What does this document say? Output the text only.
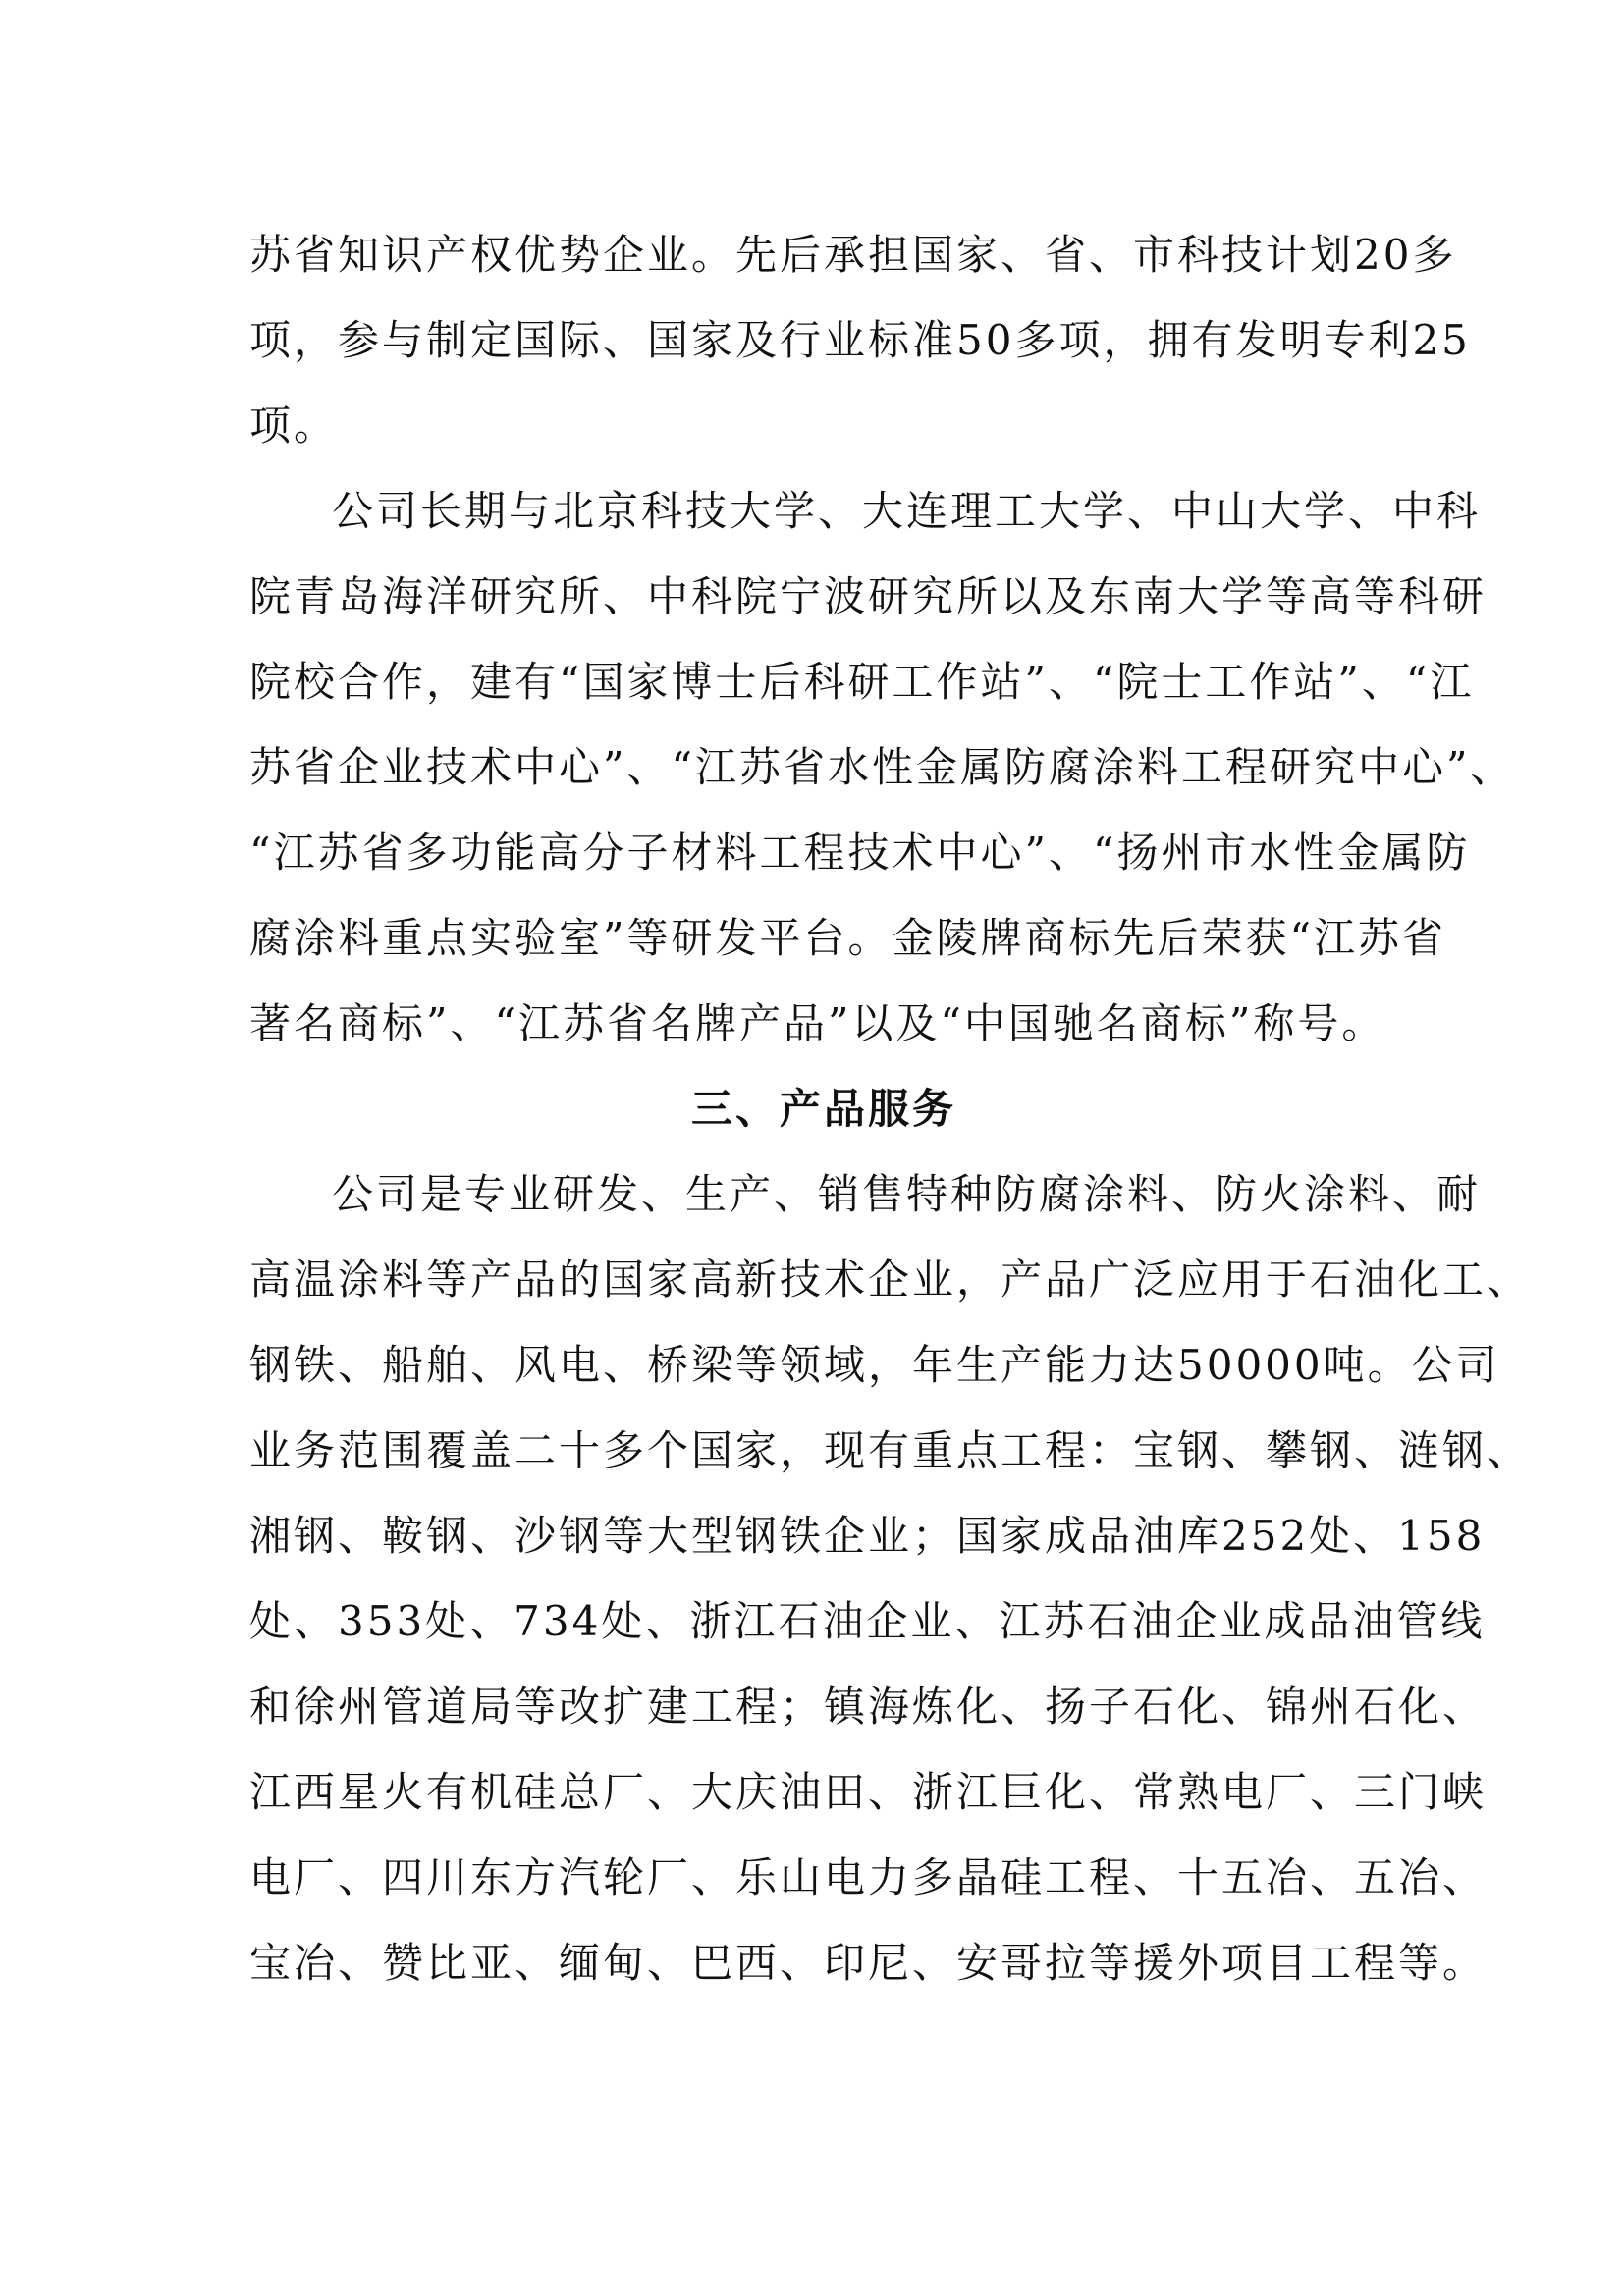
苏省知识产权优势企业。先后承担国家、省、市科技计划20多
项，参与制定国际、国家及行业标准50多项，拥有发明专利25
项。
公司长期与北京科技大学、大连理工大学、中山大学、中科
院青岛海洋研究所、中科院宁波研究所以及东南大学等高等科研
院校合作，建有“国家博士后科研工作站”、“院士工作站”、“江
苏省企业技术中心”、“江苏省水性金属防腐涂料工程研究中心”、
“江苏省多功能高分子材料工程技术中心”、“扬州市水性金属防
腐涂料重点实验室”等研发平台。金陵牌商标先后荣获“江苏省
著名商标”、“江苏省名牌产品”以及“中国驰名商标”称号。
三、产品服务
公司是专业研发、生产、销售特种防腐涂料、防火涂料、耐
高温涂料等产品的国家高新技术企业，产品广泛应用于石油化工、
钢铁、船舶、风电、桥梁等领域，年生产能力达50000吨。公司
业务范围覆盖二十多个国家，现有重点工程：宝钢、攀钢、涟钢、
湘钢、鞍钢、沙钢等大型钢铁企业；国家成品油库252处、158
处、353处、734处、浙江石油企业、江苏石油企业成品油管线
和徐州管道局等改扩建工程；镇海炼化、扬子石化、锦州石化、
江西星火有机硅总厂、大庆油田、浙江巨化、常熟电厂、三门峡
电厂、四川东方汽轮厂、乐山电力多晶硅工程、十五冶、五冶、
宝冶、赞比亚、缅甸、巴西、印尼、安哥拉等援外项目工程等。
